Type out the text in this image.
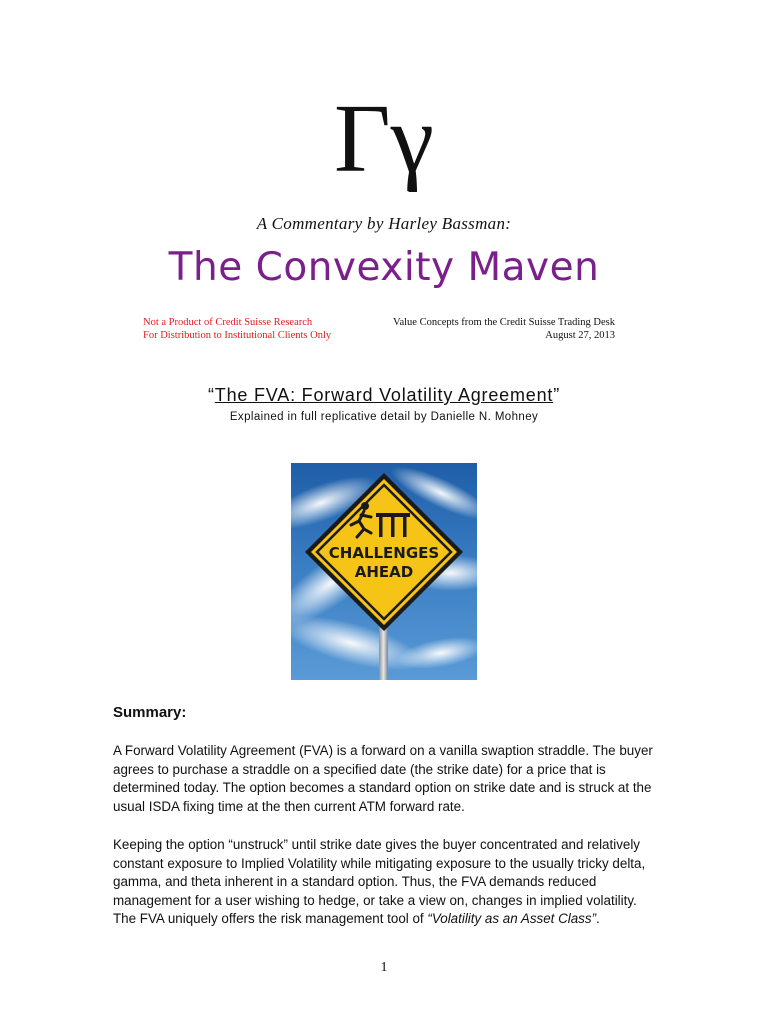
Γγ
A Commentary by Harley Bassman:
The Convexity Maven
Not a Product of Credit Suisse Research
For Distribution to Institutional Clients Only
Value Concepts from the Credit Suisse Trading Desk
August 27, 2013
“The FVA: Forward Volatility Agreement”
Explained in full replicative detail by Danielle N. Mohney
CHALLENGES
AHEAD
Summary:
A Forward Volatility Agreement (FVA) is a forward on a vanilla swaption straddle. The buyer agrees to purchase a straddle on a specified date (the strike date) for a price that is determined today. The option becomes a standard option on strike date and is struck at the usual ISDA fixing time at the then current ATM forward rate.
Keeping the option “unstruck” until strike date gives the buyer concentrated and relatively constant exposure to Implied Volatility while mitigating exposure to the usually tricky delta, gamma, and theta inherent in a standard option. Thus, the FVA demands reduced management for a user wishing to hedge, or take a view on, changes in implied volatility. The FVA uniquely offers the risk management tool of “Volatility as an Asset Class”.
1
